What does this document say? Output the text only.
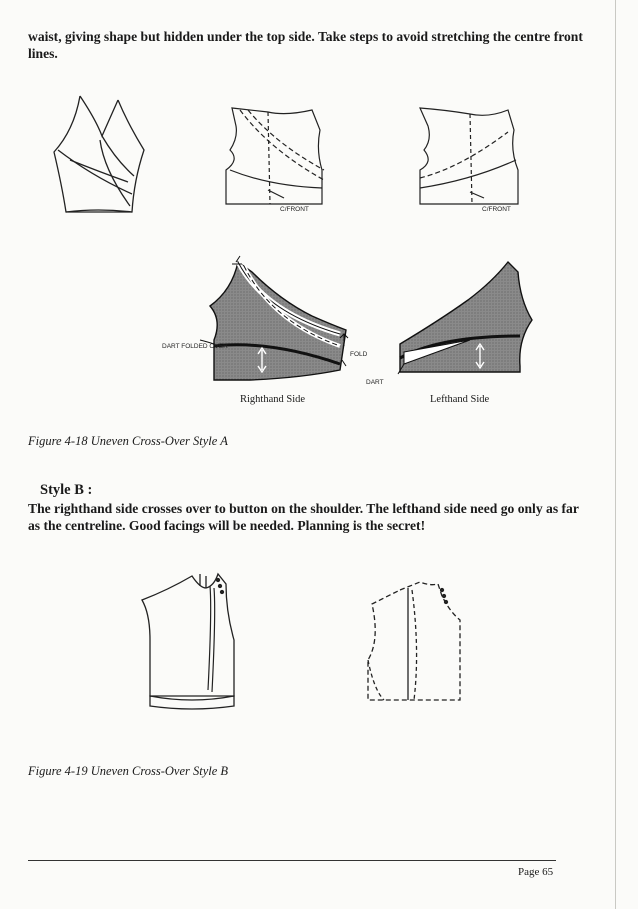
waist, giving shape but hidden under the top side. Take steps to avoid stretching the centre front lines.
C/FRONT	C/FRONT
DART FOLDED OVER
FOLD
DART
Righthand Side	Lefthand Side
Figure 4-18 Uneven Cross-Over Style A
Style B :
The righthand side crosses over to button on the shoulder. The lefthand side need go only as far as the centreline. Good facings will be needed. Planning is the secret!
Figure 4-19 Uneven Cross-Over Style B
Page 65
